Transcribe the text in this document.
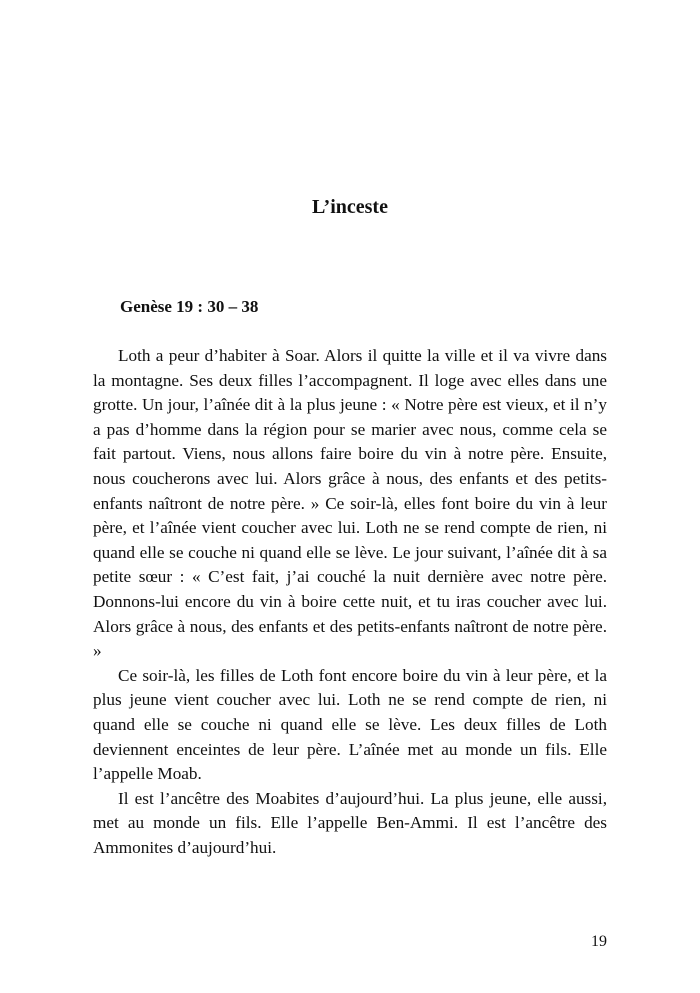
L’inceste
Genèse 19 : 30 – 38

Loth a peur d’habiter à Soar. Alors il quitte la ville et il va vivre dans la montagne. Ses deux filles l’accompagnent. Il loge avec elles dans une grotte. Un jour, l’aînée dit à la plus jeune : « Notre père est vieux, et il n’y a pas d’homme dans la région pour se marier avec nous, comme cela se fait partout. Viens, nous allons faire boire du vin à notre père. Ensuite, nous coucherons avec lui. Alors grâce à nous, des enfants et des petits-enfants naîtront de notre père. » Ce soir-là, elles font boire du vin à leur père, et l’aînée vient coucher avec lui. Loth ne se rend compte de rien, ni quand elle se couche ni quand elle se lève. Le jour suivant, l’aînée dit à sa petite sœur : « C’est fait, j’ai couché la nuit dernière avec notre père. Donnons-lui encore du vin à boire cette nuit, et tu iras coucher avec lui. Alors grâce à nous, des enfants et des petits-enfants naîtront de notre père. »

Ce soir-là, les filles de Loth font encore boire du vin à leur père, et la plus jeune vient coucher avec lui. Loth ne se rend compte de rien, ni quand elle se couche ni quand elle se lève. Les deux filles de Loth deviennent enceintes de leur père. L’aînée met au monde un fils. Elle l’appelle Moab.

Il est l’ancêtre des Moabites d’aujourd’hui. La plus jeune, elle aussi, met au monde un fils. Elle l’appelle Ben-Ammi. Il est l’ancêtre des Ammonites d’aujourd’hui.

19
